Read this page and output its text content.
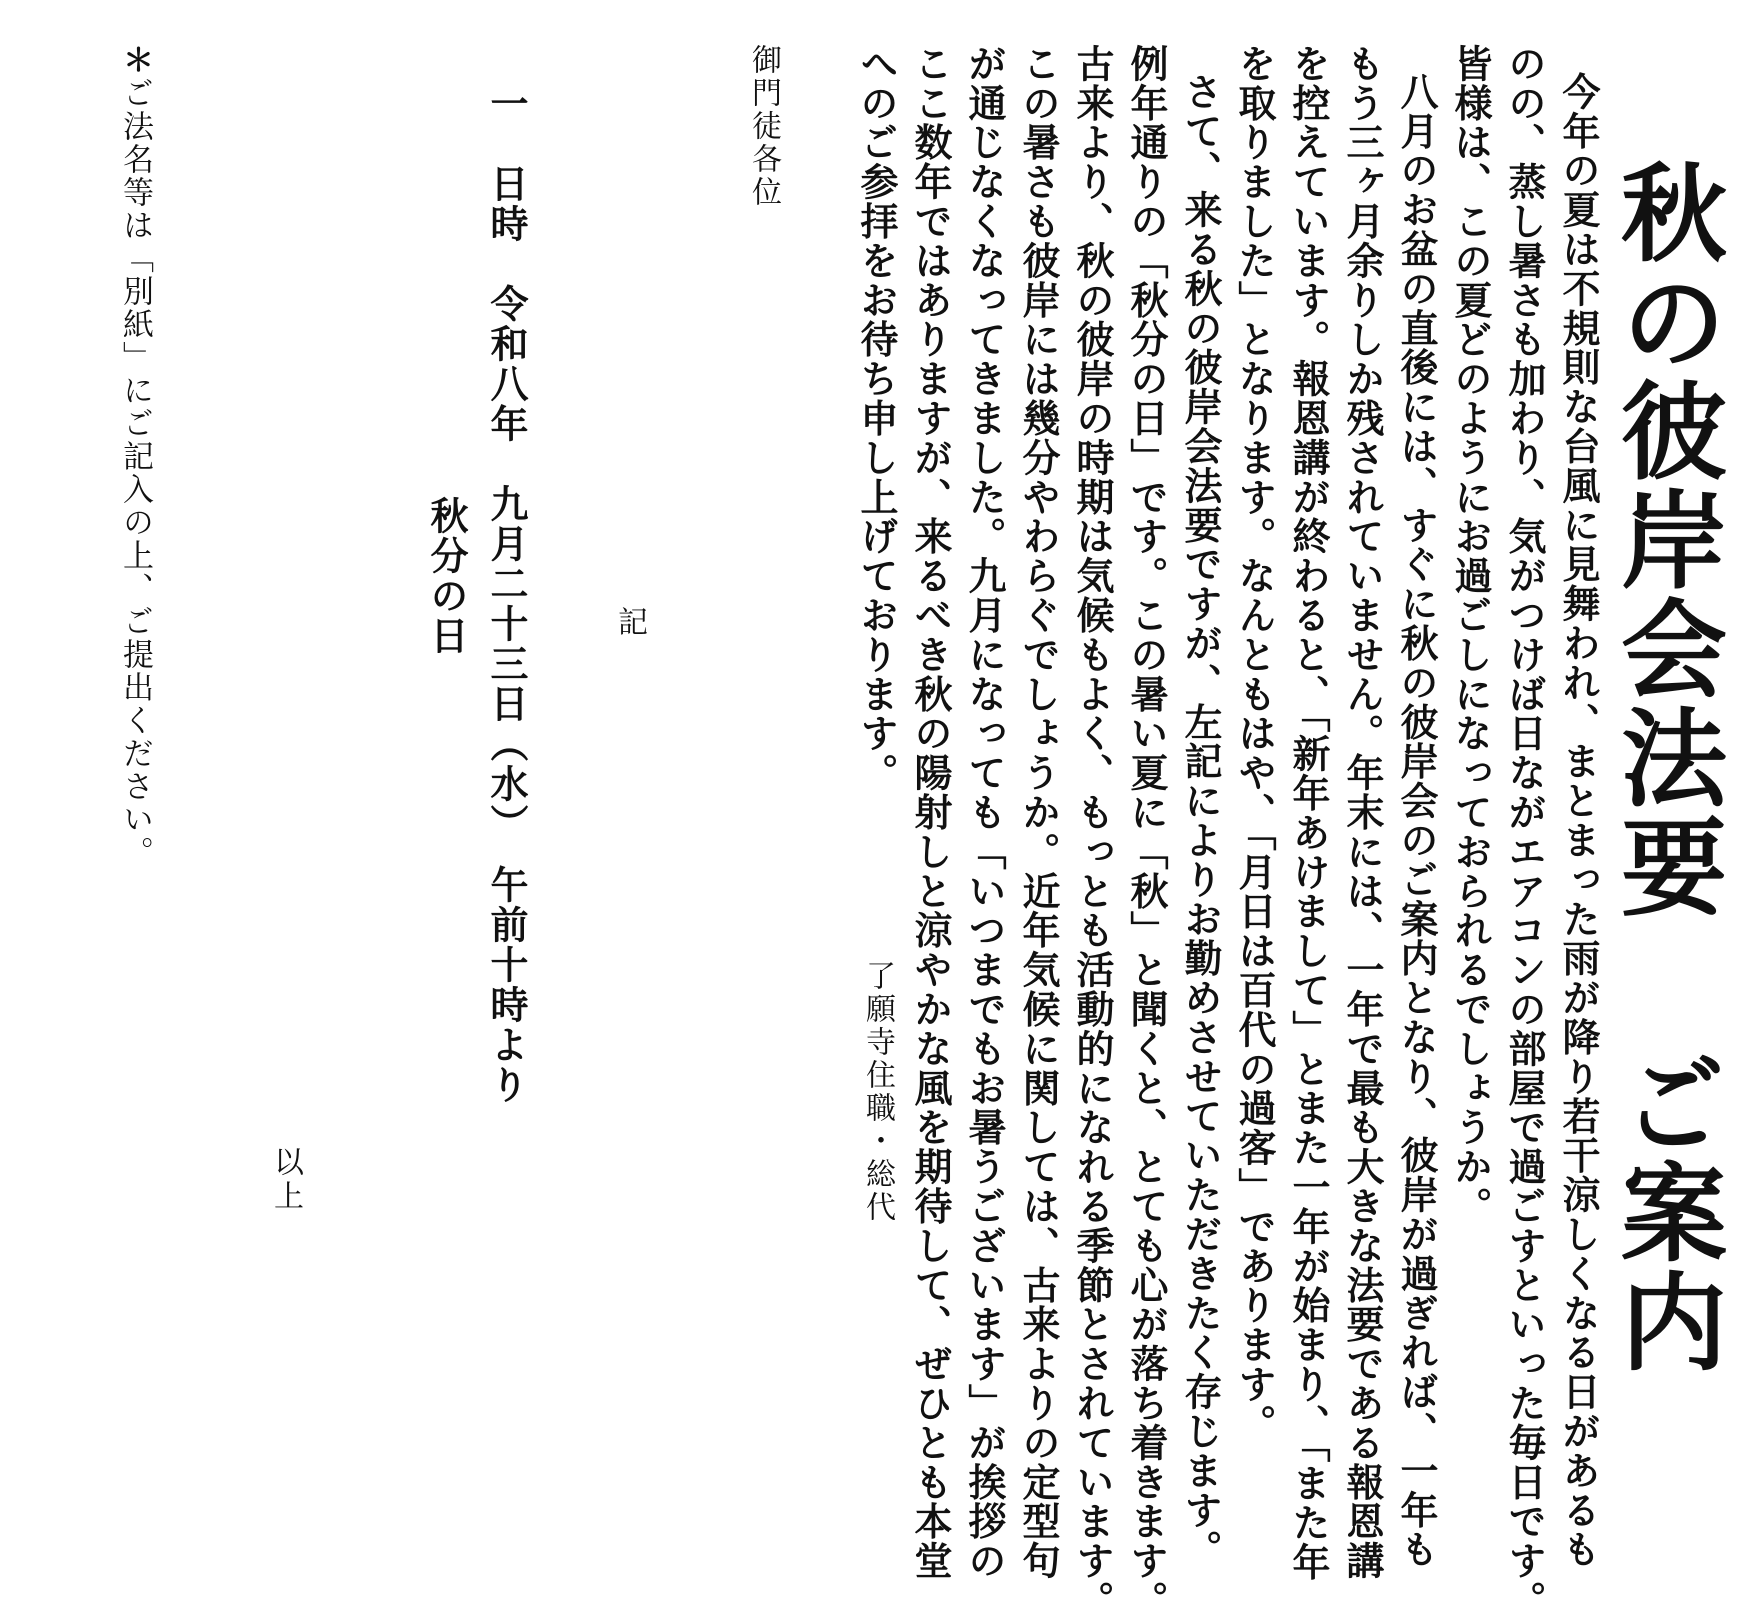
秋の彼岸会法要 ご案内

今年の夏は不規則な台風に見舞われ、まとまった雨が降り若干涼しくなる日があるも

のの、蒸し暑さも加わり、気がつけば日ながエアコンの部屋で過ごすといった毎日です。

皆様は、この夏どのようにお過ごしになっておられるでしょうか。

八月のお盆の直後には、すぐに秋の彼岸会のご案内となり、彼岸が過ぎれば、一年も

もう三ヶ月余りしか残されていません。年末には、一年で最も大きな法要である報恩講

を控えています。報恩講が終わると、「新年あけまして」とまた一年が始まり、「また年

を取りました」となります。なんともはや、「月日は百代の過客」であります。

さて、来る秋の彼岸会法要ですが、左記によりお勤めさせていただきたく存じます。

例年通りの「秋分の日」です。この暑い夏に「秋」と聞くと、とても心が落ち着きます。

古来より、秋の彼岸の時期は気候もよく、もっとも活動的になれる季節とされています。

この暑さも彼岸には幾分やわらぐでしょうか。近年気候に関しては、古来よりの定型句

が通じなくなってきました。九月になっても「いつまでもお暑うございます」が挨拶の

ここ数年ではありますが、来るべき秋の陽射しと涼やかな風を期待して、ぜひとも本堂

へのご参拝をお待ち申し上げております。

了願寺住職・総代
御門徒各位
記
一　日時　令和八年　九月二十三日（水）　午前十時より
秋分の日
以上
＊ご法名等は「別紙」にご記入の上、ご提出ください。
